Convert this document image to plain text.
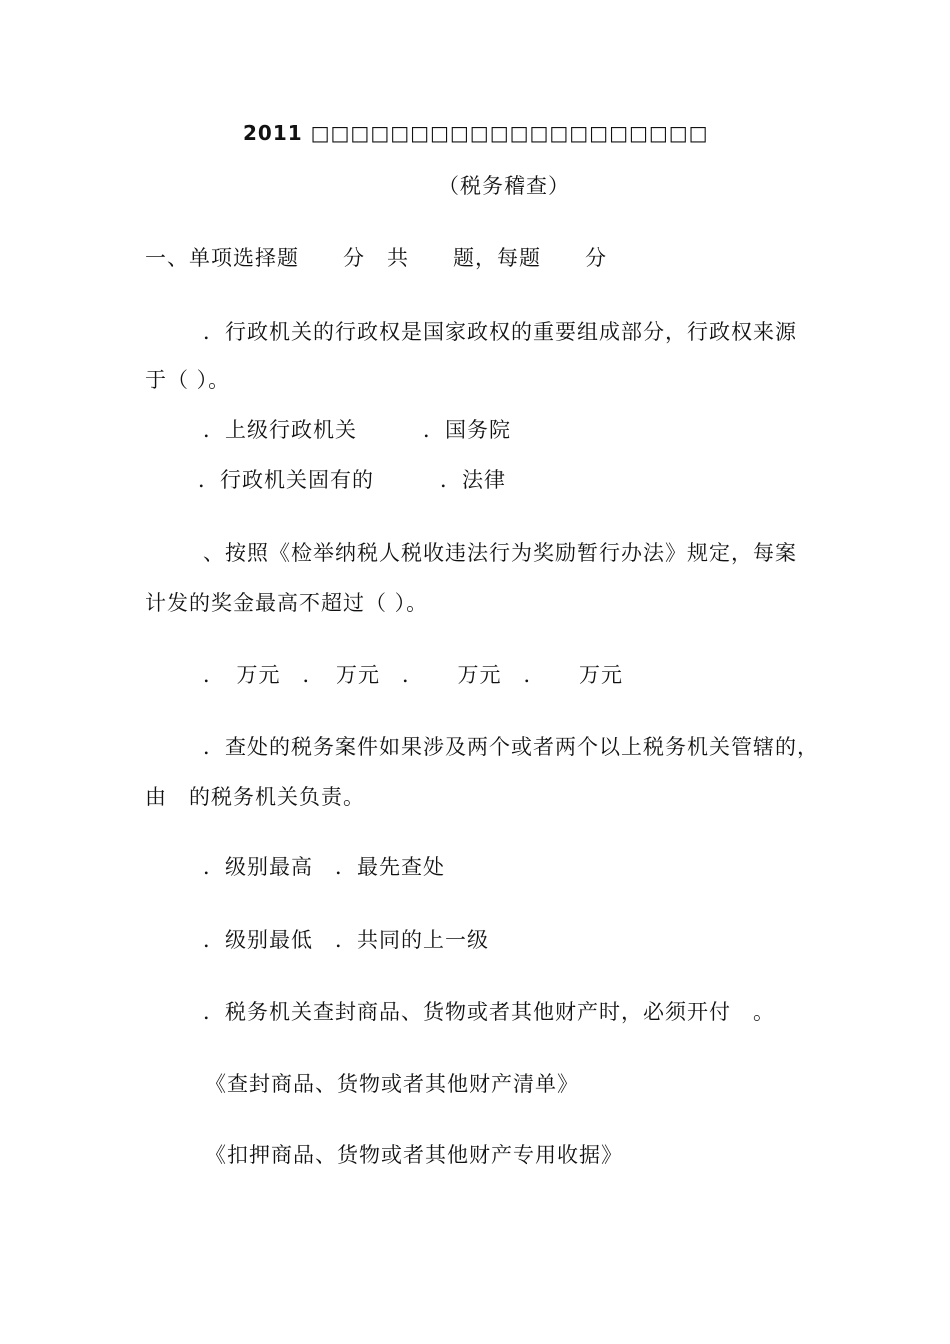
2011 □□□□□□□□□□□□□□□□□□□□
（税务稽查）
一、单项选择题　　分　共　　题，每题　　分
．行政机关的行政权是国家政权的重要组成部分，行政权来源
于（ ）。
．上级行政机关　　　．国务院
．行政机关固有的　　　．法律
、按照《检举纳税人税收违法行为奖励暂行办法》规定，每案
计发的奖金最高不超过（ ）。
．　万元　．　万元　．　　万元　．　　万元
．查处的税务案件如果涉及两个或者两个以上税务机关管辖的，
由　的税务机关负责。
．级别最高　．最先查处
．级别最低　．共同的上一级
．税务机关查封商品、货物或者其他财产时，必须开付　。
《查封商品、货物或者其他财产清单》
《扣押商品、货物或者其他财产专用收据》
